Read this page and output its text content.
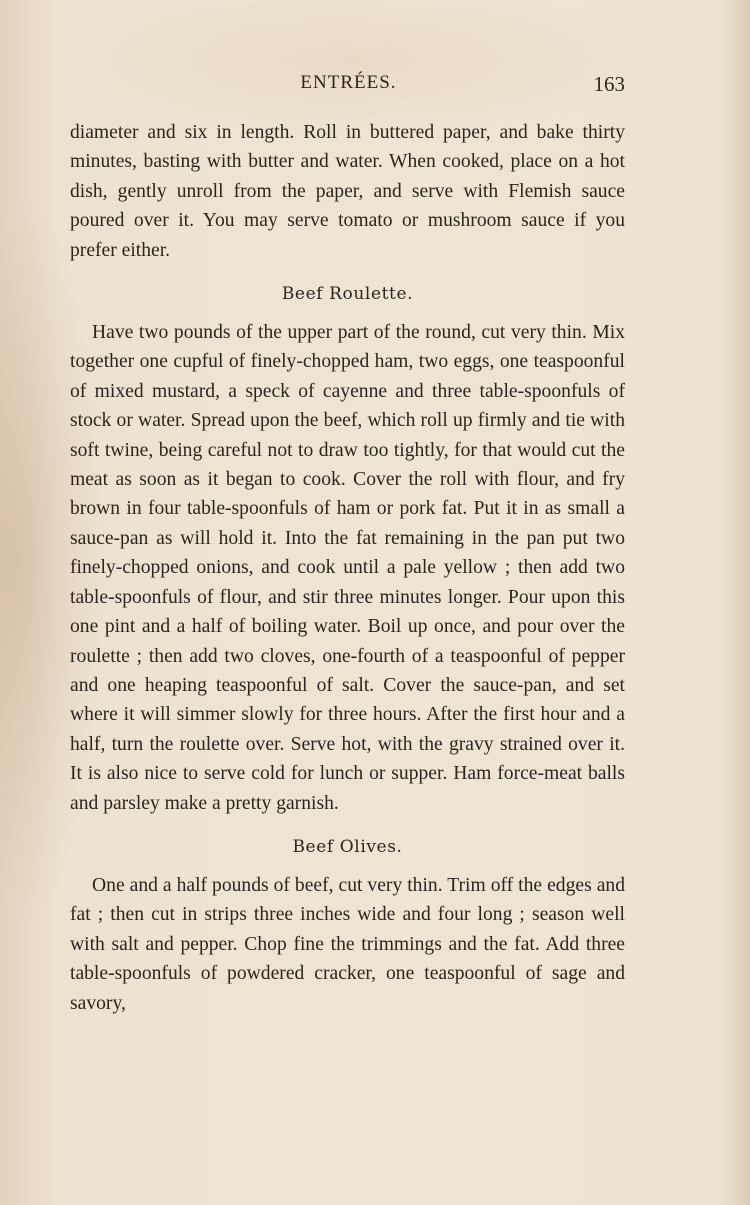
ENTRÉES.	163

diameter and six in length. Roll in buttered paper, and bake thirty minutes, basting with butter and water. When cooked, place on a hot dish, gently unroll from the paper, and serve with Flemish sauce poured over it. You may serve tomato or mushroom sauce if you prefer either.

Beef Roulette.

Have two pounds of the upper part of the round, cut very thin. Mix together one cupful of finely-chopped ham, two eggs, one teaspoonful of mixed mustard, a speck of cayenne and three table-spoonfuls of stock or water. Spread upon the beef, which roll up firmly and tie with soft twine, being careful not to draw too tightly, for that would cut the meat as soon as it began to cook. Cover the roll with flour, and fry brown in four table-spoonfuls of ham or pork fat. Put it in as small a sauce-pan as will hold it. Into the fat remaining in the pan put two finely-chopped onions, and cook until a pale yellow ; then add two table-spoonfuls of flour, and stir three minutes longer. Pour upon this one pint and a half of boiling water. Boil up once, and pour over the roulette ; then add two cloves, one-fourth of a teaspoonful of pepper and one heaping teaspoonful of salt. Cover the sauce-pan, and set where it will simmer slowly for three hours. After the first hour and a half, turn the roulette over. Serve hot, with the gravy strained over it. It is also nice to serve cold for lunch or supper. Ham force-meat balls and parsley make a pretty garnish.

Beef Olives.

One and a half pounds of beef, cut very thin. Trim off the edges and fat ; then cut in strips three inches wide and four long ; season well with salt and pepper. Chop fine the trimmings and the fat. Add three table-spoonfuls of powdered cracker, one teaspoonful of sage and savory,
